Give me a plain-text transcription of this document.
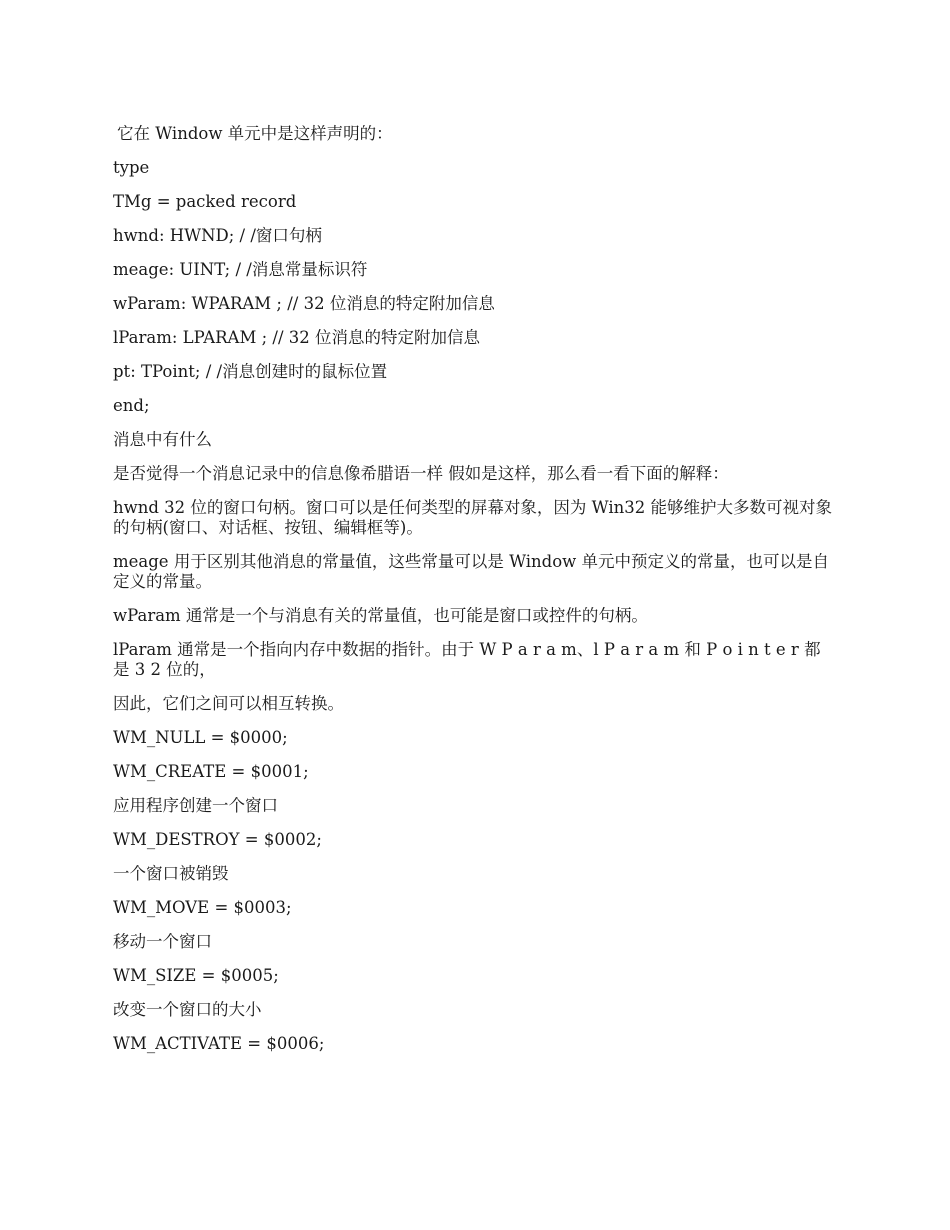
它在 Window 单元中是这样声明的：

type

TMg = packed record

hwnd: HWND; / /窗口句柄

meage: UINT; / /消息常量标识符

wParam: WPARAM ; // 32 位消息的特定附加信息

lParam: LPARAM ; // 32 位消息的特定附加信息

pt: TPoint; / /消息创建时的鼠标位置

end;

消息中有什么

是否觉得一个消息记录中的信息像希腊语一样 假如是这样，那么看一看下面的解释：

hwnd 32 位的窗口句柄。窗口可以是任何类型的屏幕对象，因为 Win32 能够维护大多数可视对象的句柄(窗口、对话框、按钮、编辑框等)。

meage 用于区别其他消息的常量值，这些常量可以是 Window 单元中预定义的常量，也可以是自定义的常量。

wParam 通常是一个与消息有关的常量值，也可能是窗口或控件的句柄。

lParam 通常是一个指向内存中数据的指针。由于 W P a r a m、l P a r a m 和 P o i n t e r 都是 3 2 位的，

因此，它们之间可以相互转换。

WM_NULL = $0000;

WM_CREATE = $0001;

应用程序创建一个窗口

WM_DESTROY = $0002;

一个窗口被销毁

WM_MOVE = $0003;

移动一个窗口

WM_SIZE = $0005;

改变一个窗口的大小

WM_ACTIVATE = $0006;
